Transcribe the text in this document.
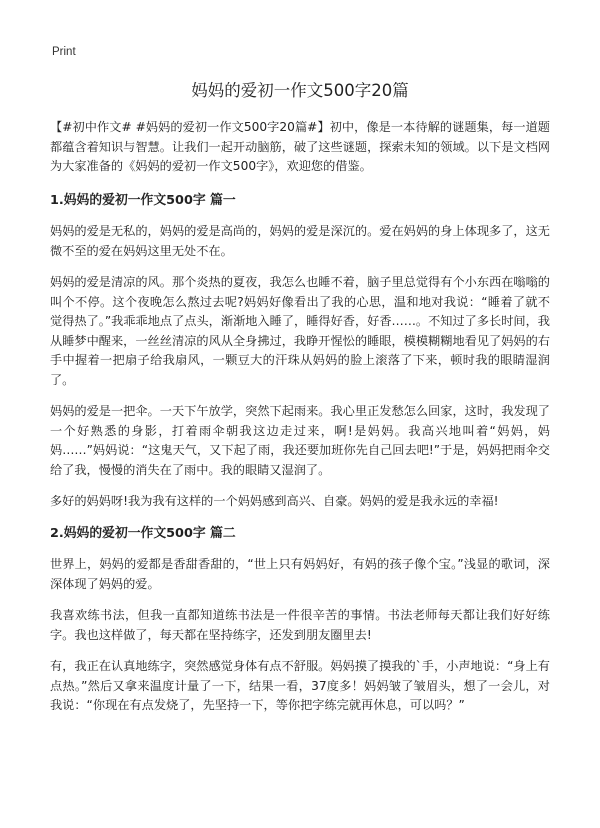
Print
妈妈的爱初一作文500字20篇

【#初中作文# #妈妈的爱初一作文500字20篇#】初中，像是一本待解的谜题集，每一道题都蕴含着知识与智慧。让我们一起开动脑筋，破了这些谜题，探索未知的领域。以下是文档网为大家准备的《妈妈的爱初一作文500字》，欢迎您的借鉴。

1.妈妈的爱初一作文500字 篇一

妈妈的爱是无私的，妈妈的爱是高尚的，妈妈的爱是深沉的。爱在妈妈的身上体现多了，这无微不至的爱在妈妈这里无处不在。

妈妈的爱是清凉的风。那个炎热的夏夜，我怎么也睡不着，脑子里总觉得有个小东西在嗡嗡的叫个不停。这个夜晚怎么熬过去呢?妈妈好像看出了我的心思，温和地对我说：“睡着了就不觉得热了。”我乖乖地点了点头，渐渐地入睡了，睡得好香，好香……。不知过了多长时间，我从睡梦中醒来，一丝丝清凉的风从全身拂过，我睁开惺忪的睡眼，模模糊糊地看见了妈妈的右手中握着一把扇子给我扇风，一颗豆大的汗珠从妈妈的脸上滚落了下来，顿时我的眼睛湿润了。

妈妈的爱是一把伞。一天下午放学，突然下起雨来。我心里正发愁怎么回家，这时，我发现了一个好熟悉的身影，打着雨伞朝我这边走过来，啊!是妈妈。我高兴地叫着“妈妈，妈妈……”妈妈说：“这鬼天气，又下起了雨，我还要加班你先自己回去吧!”于是，妈妈把雨伞交给了我，慢慢的消失在了雨中。我的眼睛又湿润了。

多好的妈妈呀!我为我有这样的一个妈妈感到高兴、自豪。妈妈的爱是我永远的幸福!

2.妈妈的爱初一作文500字 篇二

世界上，妈妈的爱都是香甜香甜的，“世上只有妈妈好，有妈的孩子像个宝。”浅显的歌词，深深体现了妈妈的爱。

我喜欢练书法，但我一直都知道练书法是一件很辛苦的事情。书法老师每天都让我们好好练字。我也这样做了，每天都在坚持练字，还发到朋友圈里去!

有，我正在认真地练字，突然感觉身体有点不舒服。妈妈摸了摸我的`手，小声地说：“身上有点热。”然后又拿来温度计量了一下，结果一看，37度多！妈妈皱了皱眉头，想了一会儿，对我说：“你现在有点发烧了，先坚持一下，等你把字练完就再休息，可以吗？”
